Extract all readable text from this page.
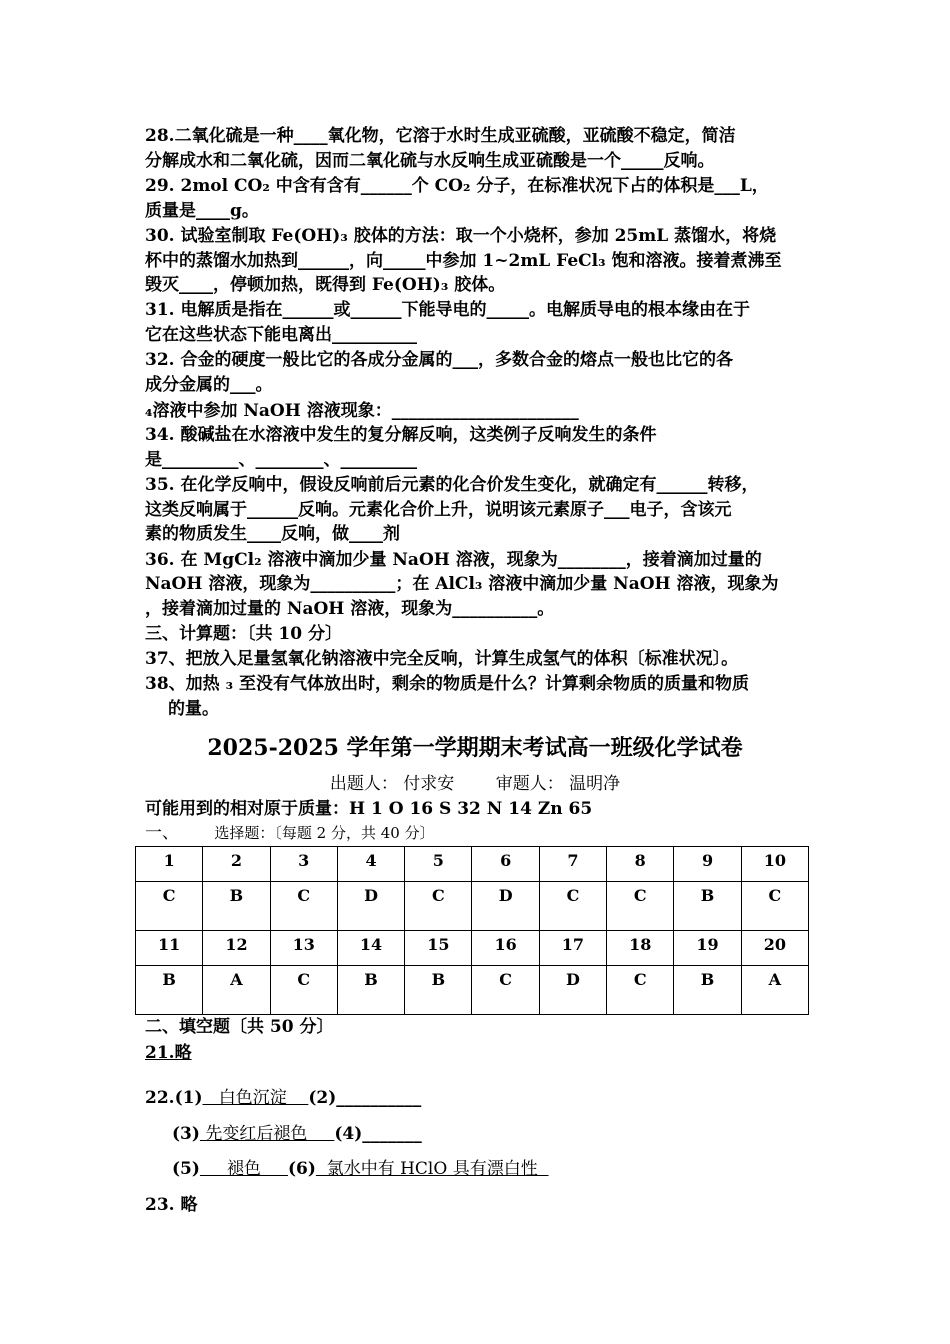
28.二氧化硫是一种____氧化物，它溶于水时生成亚硫酸，亚硫酸不稳定，简洁
分解成水和二氧化硫，因而二氧化硫与水反响生成亚硫酸是一个_____反响。
29. 2mol CO₂ 中含有含有______个 CO₂ 分子，在标准状况下占的体积是___L，
质量是____g。
30. 试验室制取 Fe(OH)₃ 胶体的方法：取一个小烧杯，参加 25mL 蒸馏水，将烧
杯中的蒸馏水加热到______，向_____中参加 1~2mL FeCl₃ 饱和溶液。接着煮沸至
毁灭____，停顿加热，既得到 Fe(OH)₃ 胶体。
31. 电解质是指在______或______下能导电的_____。电解质导电的根本缘由在于
它在这些状态下能电离出__________
32. 合金的硬度一般比它的各成分金属的___，多数合金的熔点一般也比它的各
成分金属的___。
₄溶液中参加 NaOH 溶液现象：______________________
34. 酸碱盐在水溶液中发生的复分解反响，这类例子反响发生的条件
是_________、________、_________
35. 在化学反响中，假设反响前后元素的化合价发生变化，就确定有______转移，
这类反响属于______反响。元素化合价上升，说明该元素原子___电子，含该元
素的物质发生____反响，做____剂
36. 在 MgCl₂ 溶液中滴加少量 NaOH 溶液，现象为________，接着滴加过量的
NaOH 溶液，现象为__________；在 AlCl₃ 溶液中滴加少量 NaOH 溶液，现象为
，接着滴加过量的 NaOH 溶液，现象为__________。
三、计算题：〔共 10 分〕
37、把放入足量氢氧化钠溶液中完全反响，计算生成氢气的体积〔标准状况〕。
38、加热 ₃ 至没有气体放出时，剩余的物质是什么？计算剩余物质的质量和物质
的量。
2025-2025 学年第一学期期末考试高一班级化学试卷
出题人： 付求安 审题人： 温明净
可能用到的相对原于质量：H 1 O 16 S 32 N 14 Zn 65
一、 选择题：〔每题 2 分，共 40 分〕
1	2	3	4	5	6	7	8	9	10
C	B	C	D	C	D	C	C	B	C
11	12	13	14	15	16	17	18	19	20
B	A	C	B	B	C	D	C	B	A
二、填空题〔共 50 分〕
21.略
22.(1)   白色沉淀    (2)__________
(3) 先变红后褪色     (4)_______
(5)     褪色     (6)  氯水中有 HClO 具有漂白性
23. 略
